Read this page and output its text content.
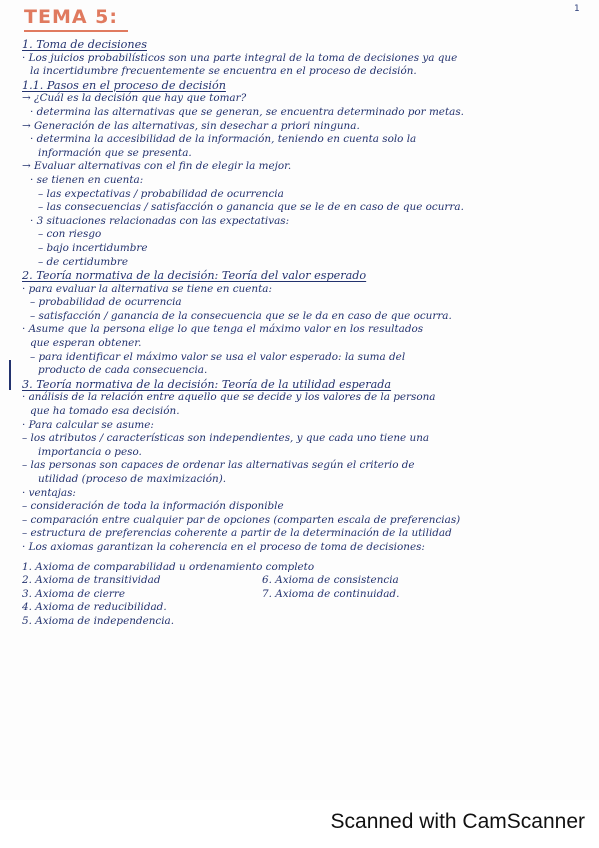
1
TEMA 5:
1. Toma de decisiones
· Los juicios probabilísticos son una parte integral de la toma de decisiones ya que
la incertidumbre frecuentemente se encuentra en el proceso de decisión.
1.1. Pasos en el proceso de decisión
→ ¿Cuál es la decisión que hay que tomar?
· determina las alternativas que se generan, se encuentra determinado por metas.
→ Generación de las alternativas, sin desechar a priori ninguna.
· determina la accesibilidad de la información, teniendo en cuenta solo la
información que se presenta.
→ Evaluar alternativas con el fin de elegir la mejor.
· se tienen en cuenta:
– las expectativas / probabilidad de ocurrencia
– las consecuencias / satisfacción o ganancia que se le de en caso de que ocurra.
· 3 situaciones relacionadas con las expectativas:
– con riesgo
– bajo incertidumbre
– de certidumbre
2. Teoría normativa de la decisión: Teoría del valor esperado
· para evaluar la alternativa se tiene en cuenta:
– probabilidad de ocurrencia
– satisfacción / ganancia de la consecuencia que se le da en caso de que ocurra.
· Asume que la persona elige lo que tenga el máximo valor en los resultados
que esperan obtener.
– para identificar el máximo valor se usa el valor esperado: la suma del
producto de cada consecuencia.
3. Teoría normativa de la decisión: Teoría de la utilidad esperada
· análisis de la relación entre aquello que se decide y los valores de la persona
que ha tomado esa decisión.
· Para calcular se asume:
– los atributos / características son independientes, y que cada uno tiene una
importancia o peso.
– las personas son capaces de ordenar las alternativas según el criterio de
utilidad (proceso de maximización).
· ventajas:
– consideración de toda la información disponible
– comparación entre cualquier par de opciones (comparten escala de preferencias)
– estructura de preferencias coherente a partir de la determinación de la utilidad
· Los axiomas garantizan la coherencia en el proceso de toma de decisiones:
1. Axioma de comparabilidad u ordenamiento completo
2. Axioma de transitividad	6. Axioma de consistencia
3. Axioma de cierre	7. Axioma de continuidad.
4. Axioma de reducibilidad.
5. Axioma de independencia.
Scanned with CamScanner
